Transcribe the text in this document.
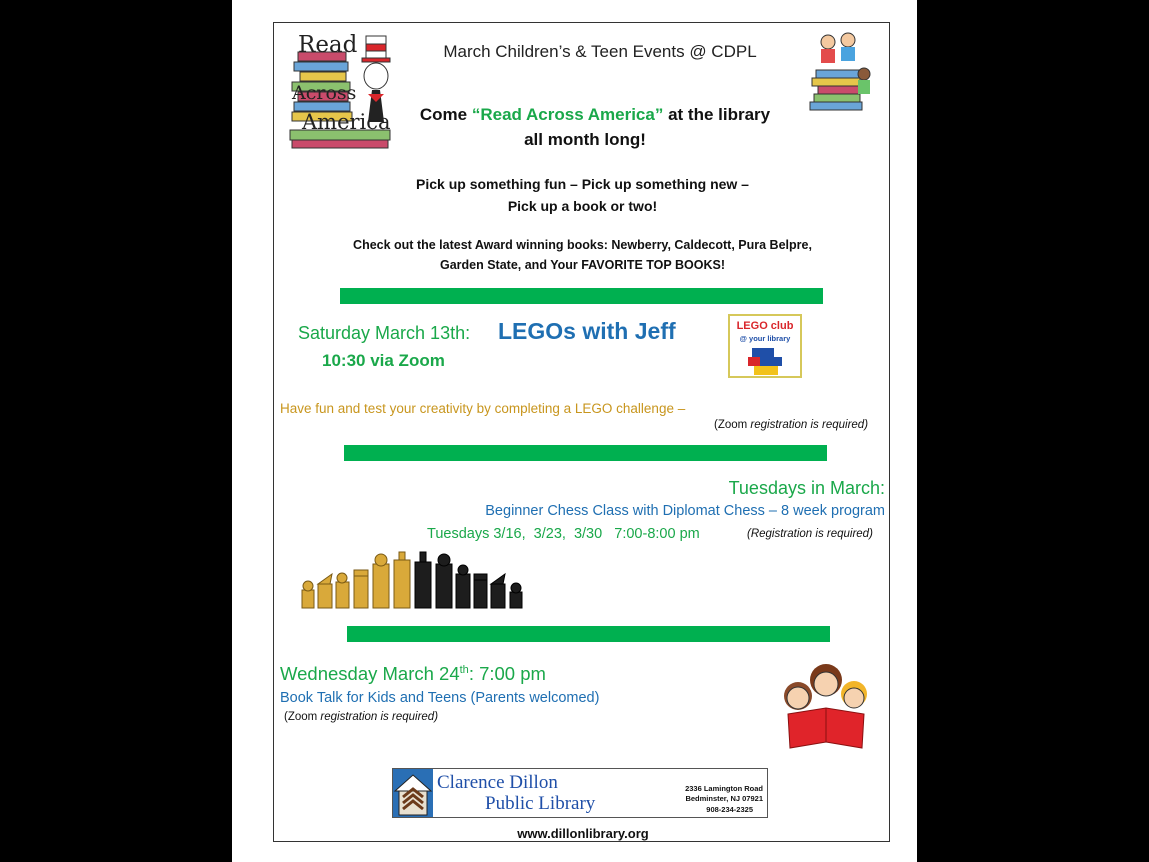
Read
Across
America
March Children’s & Teen Events @ CDPL
Come “Read Across America” at the library
all month long!
Pick up something fun – Pick up something new –
Pick up a book or two!
Check out the latest Award winning books: Newberry, Caldecott, Pura Belpre,
Garden State, and Your FAVORITE TOP BOOKS!
Saturday March 13th: LEGOs with Jeff
10:30 via Zoom
LEGO club
@ your library
Have fun and test your creativity by completing a LEGO challenge –
(Zoom registration is required)
Tuesdays in March:
Beginner Chess Class with Diplomat Chess – 8 week program
Tuesdays 3/16,  3/23,  3/30   7:00-8:00 pm	(Registration is required)
Wednesday March 24th: 7:00 pm
Book Talk for Kids and Teens (Parents welcomed)
(Zoom registration is required)
Clarence Dillon
Public Library
2336 Lamington Road
Bedminster, NJ 07921
908-234-2325
www.dillonlibrary.org
